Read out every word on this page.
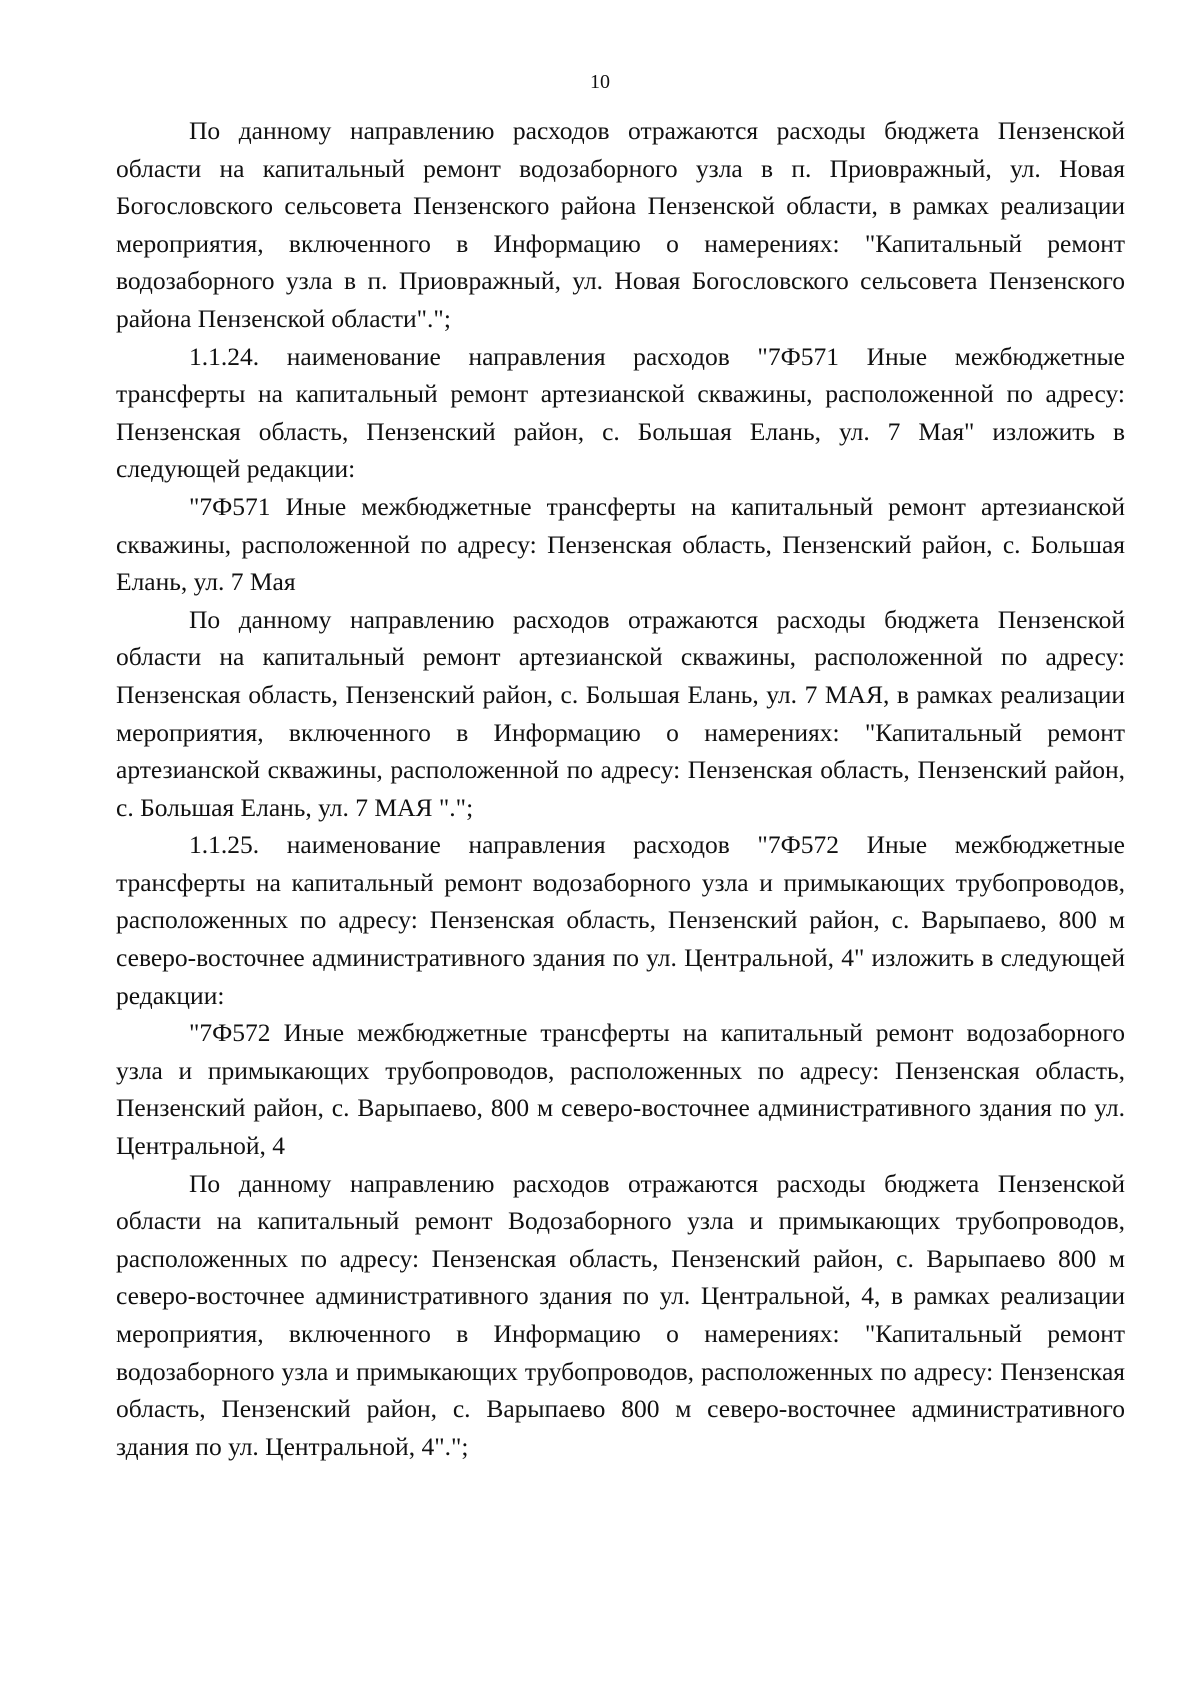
10

По данному направлению расходов отражаются расходы бюджета Пензенской области на капитальный ремонт водозаборного узла в п. Приовражный, ул. Новая Богословского сельсовета Пензенского района Пензенской области, в рамках реализации мероприятия, включенного в Информацию о намерениях: "Капитальный ремонт водозаборного узла в п. Приовражный, ул. Новая Богословского сельсовета Пензенского района Пензенской области".";

1.1.24. наименование направления расходов "7Ф571 Иные межбюджетные трансферты на капитальный ремонт артезианской скважины, расположенной по адресу: Пензенская область, Пензенский район, с. Большая Елань, ул. 7 Мая" изложить в следующей редакции:

"7Ф571 Иные межбюджетные трансферты на капитальный ремонт артезианской скважины, расположенной по адресу: Пензенская область, Пензенский район, с. Большая Елань, ул. 7 Мая

По данному направлению расходов отражаются расходы бюджета Пензенской области на капитальный ремонт артезианской скважины, расположенной по адресу: Пензенская область, Пензенский район, с. Большая Елань, ул. 7 МАЯ, в рамках реализации мероприятия, включенного в Информацию о намерениях: "Капитальный ремонт артезианской скважины, расположенной по адресу: Пензенская область, Пензенский район, с. Большая Елань, ул. 7 МАЯ ".";

1.1.25. наименование направления расходов "7Ф572 Иные межбюджетные трансферты на капитальный ремонт водозаборного узла и примыкающих трубопроводов, расположенных по адресу: Пензенская область, Пензенский район, с. Варыпаево, 800 м северо-восточнее административного здания по ул. Центральной, 4" изложить в следующей редакции:

"7Ф572 Иные межбюджетные трансферты на капитальный ремонт водозаборного узла и примыкающих трубопроводов, расположенных по адресу: Пензенская область, Пензенский район, с. Варыпаево, 800 м северо-восточнее административного здания по ул. Центральной, 4

По данному направлению расходов отражаются расходы бюджета Пензенской области на капитальный ремонт Водозаборного узла и примыкающих трубопроводов, расположенных по адресу: Пензенская область, Пензенский район, с. Варыпаево 800 м северо-восточнее административного здания по ул. Центральной, 4, в рамках реализации мероприятия, включенного в Информацию о намерениях: "Капитальный ремонт водозаборного узла и примыкающих трубопроводов, расположенных по адресу: Пензенская область, Пензенский район, с. Варыпаево 800 м северо-восточнее административного здания по ул. Центральной, 4".";
